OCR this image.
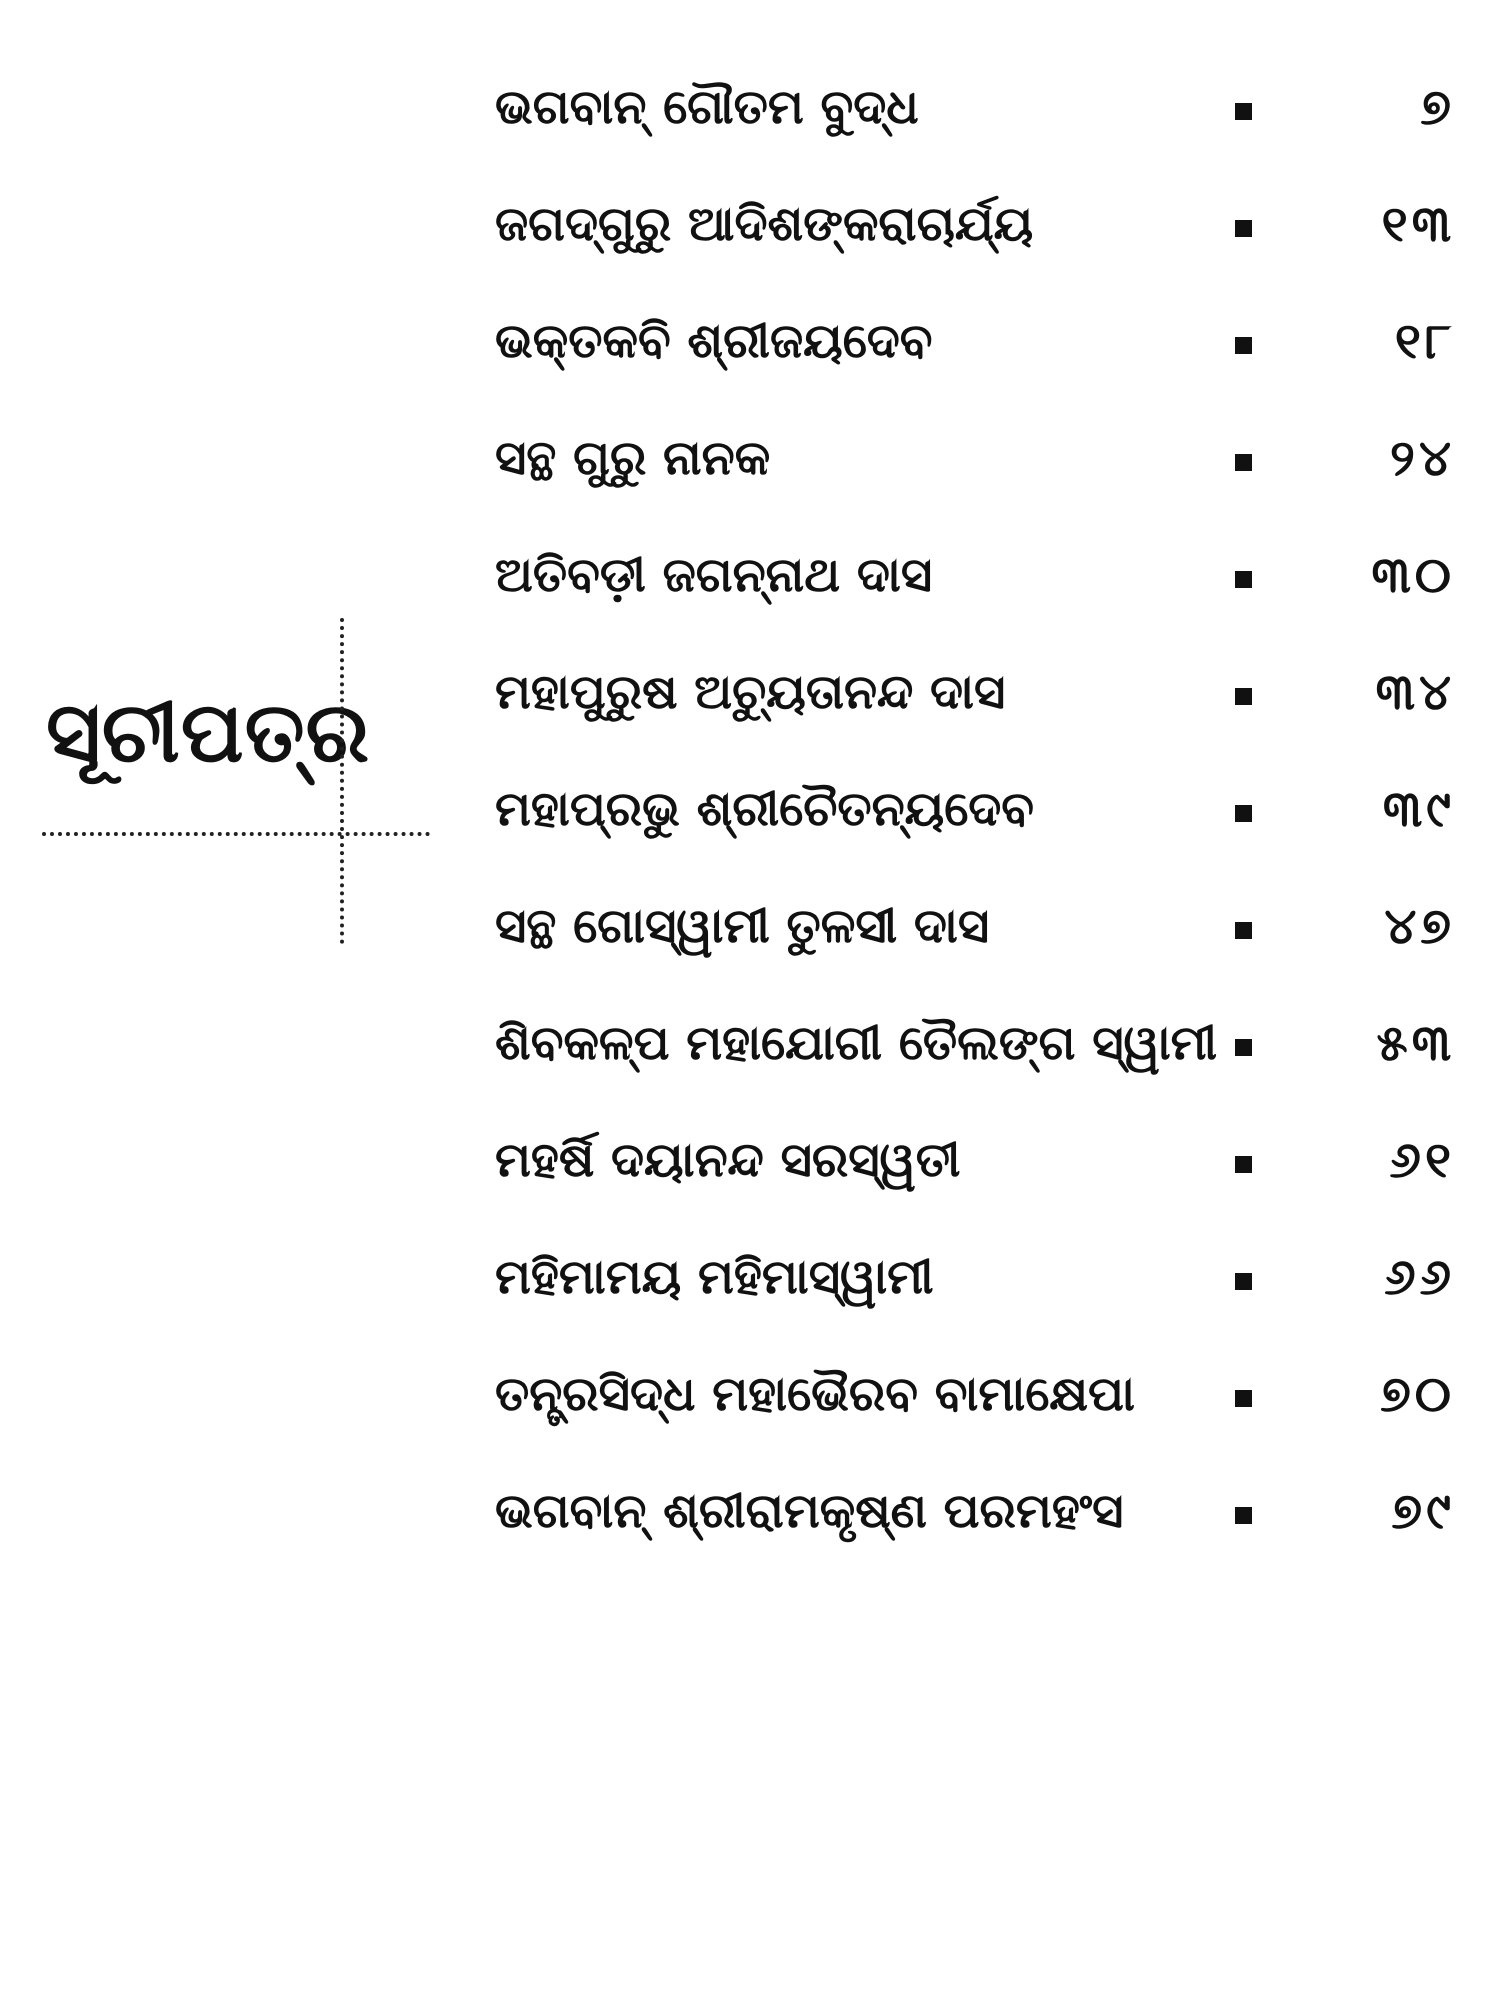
ସୂଚୀପତ୍ର
ଭଗବାନ୍ ଗୌତମ ବୁଦ୍ଧ	୭
ଜଗଦ୍‌ଗୁରୁ ଆଦିଶଙ୍କରାଚାର୍ଯ୍ୟ	୧୩
ଭକ୍ତକବି ଶ୍ରୀଜୟଦେବ	୧୮
ସନ୍ଥ ଗୁରୁ ନାନକ	୨୪
ଅତିବଡ଼ୀ ଜଗନ୍ନାଥ ଦାସ	୩୦
ମହାପୁରୁଷ ଅଚ୍ୟୁତାନନ୍ଦ ଦାସ	୩୪
ମହାପ୍ରଭୁ ଶ୍ରୀଚୈତନ୍ୟଦେବ	୩୯
ସନ୍ଥ ଗୋସ୍ୱାମୀ ତୁଳସୀ ଦାସ	୪୭
ଶିବକଳ୍ପ ମହାଯୋଗୀ ତୈଲଙ୍ଗ ସ୍ୱାମୀ	୫୩
ମହର୍ଷି ଦୟାନନ୍ଦ ସରସ୍ୱତୀ	୬୧
ମହିମାମୟ ମହିମାସ୍ୱାମୀ	୬୬
ତନ୍ତ୍ରସିଦ୍ଧ ମହାଭୈରବ ବାମାକ୍ଷେପା	୭୦
ଭଗବାନ୍ ଶ୍ରୀରାମକୃଷ୍ଣ ପରମହଂସ	୭୯
